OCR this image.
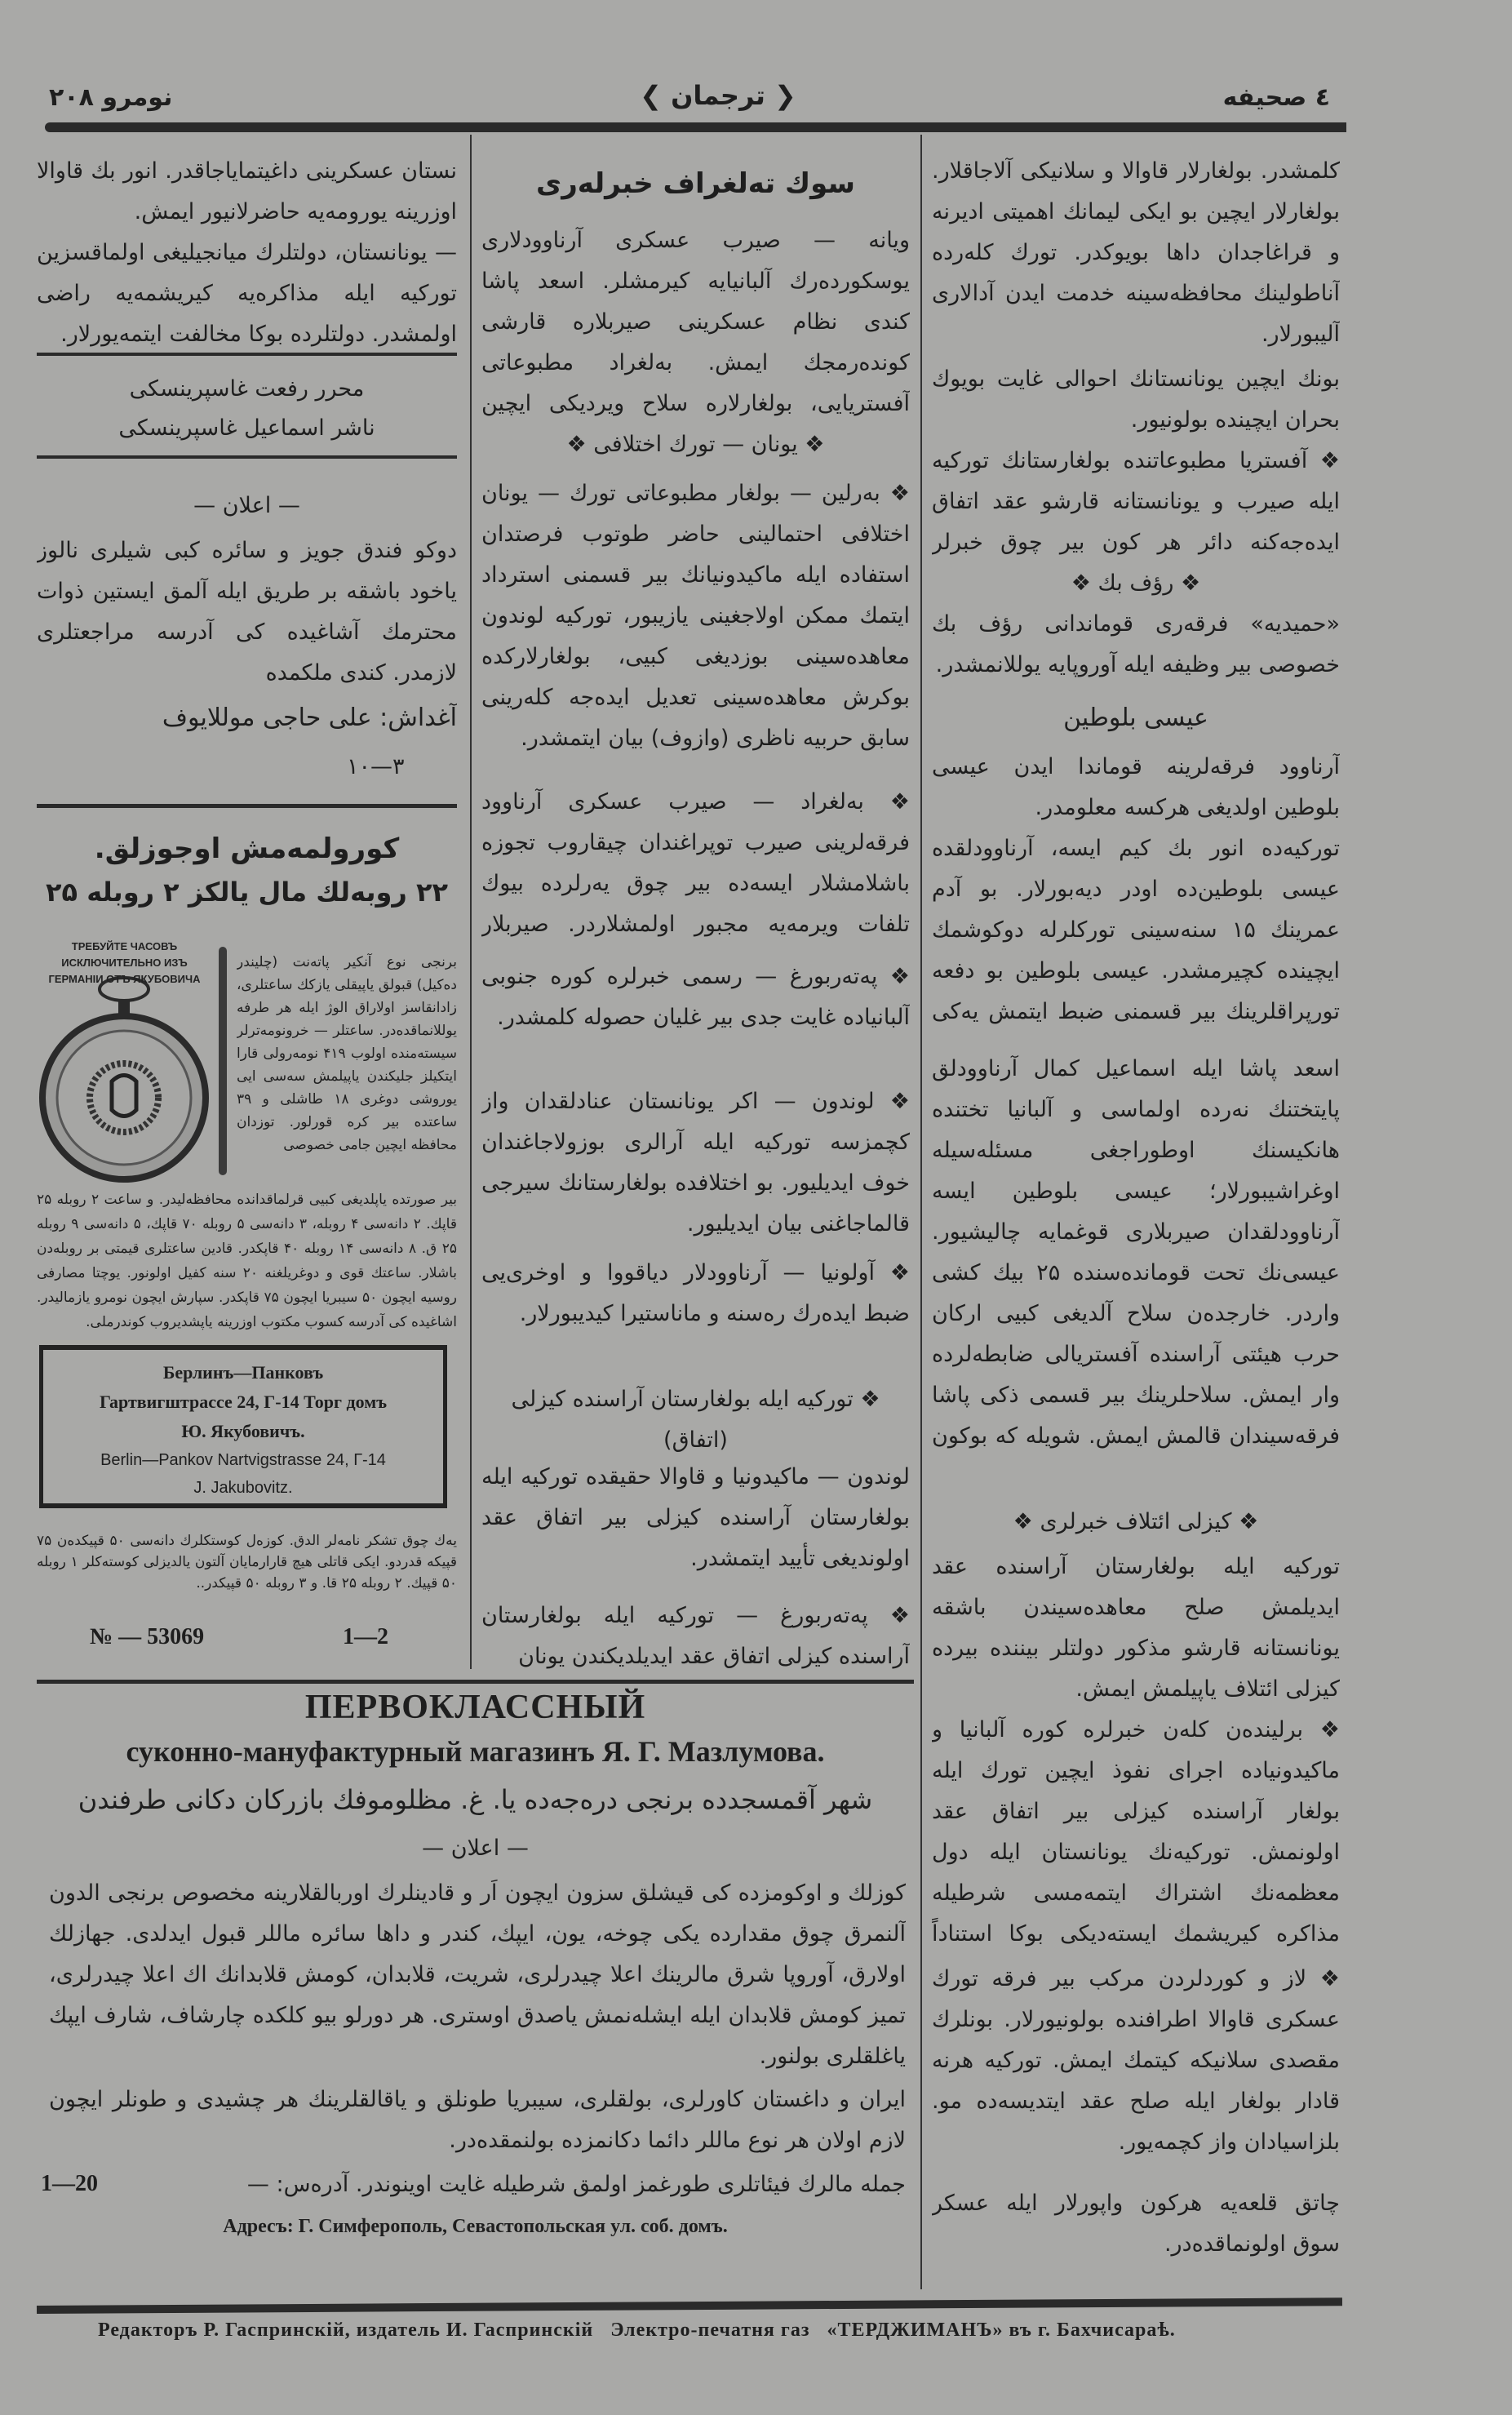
نومرو ۲۰۸	❮ ترجمان ❯	٤ صحیفه
نستان عسکرینی داغیتمایاجاقدر. انور بك قاوالا اوزرینه یورومەیه حاضرلانیور ایمش.
— یونانستان، دولتلرك میانجیلیغی اولماقسزین تورکیه ایله مذاکرەیه کیریشمەیه راضی اولمشدر. دولتلرده بوکا مخالفت ایتمەیورلار.
محرر رفعت غاسپرینسکی
ناشر اسماعیل غاسپرینسکی
— اعلان —
دوکو فندق جویز و سائره کبی شیلری نالوز یاخود باشقه بر طریق ایلە آلمق ایستین ذوات محترمك آشاغیدە کی آدرسه مراجعتلری لازمدر. کندی ملکمده
آغداش: علی حاجی موللایوف
۳—۱۰
کورولمەمش اوجوزلق.
۲۲ روبەلك مال یالکز ۲ روبله ۲۵
ТРЕБУЙТЕ ЧАСОВЪ ИСКЛЮЧИТЕЛЬНО ИЗЪ ГЕРМАНІИ ОТЪ ЯКУБОВИЧА
برنجی نوع آنکیر پاتەنت (چلیندر دەکیل) قبولق یاپیقلی یازکك ساعتلری، زادانقاسز اولاراق الوژ ایله هر طرفه یوللانماقدەدر. ساعتلر — خرونومەترلر سیستەمندە اولوب ۴۱۹ نومەرولی قارا ایتکیلز جلیکندن یاپیلمش سەسی ایی یوروشی دوغری ۱۸ طاشلی و ۳۹ ساعتده بیر کره قورلور. توزدان محافظه ایچین جامی خصوصی
بیر صورتده یاپلدیغی کبیی قرلماقدانده محافظەلیدر. و ساعت ۲ روبله ۲۵ قاپك. ۲ دانەسی ۴ روبله، ۳ دانەسی ۵ روبله ۷۰ قاپك، ۵ دانەسی ۹ روبله ۲۵ ق. ۸ دانەسی ۱۴ روبله ۴۰ قاپکدر. قادین ساعتلری قیمتی بر روبلەدن باشلار. ساعتك قوی و دوغریلغنه ۲۰ سنه کفیل اولونور. یوچتا مصارفی روسیه ایچون ۵۰ سیبریا ایچون ۷۵ قاپکدر. سپارش ایچون نومرو یازمالیدر. اشاغیده کی آدرسه کسوب مکتوب اوزرینه یاپشدیروب کوندرملی.
Берлинъ—Панковъ
Гартвигштрассе 24, Г-14 Торг домъ
Ю. Якубовичъ.
Berlin—Pankov Nartvigstrasse 24, Г-14
J. Jakubovitz.
یەك چوق تشکر نامەلر الدق. کوزەل کوستکلرك دانەسی ۵۰ قپیکدەن ۷۵ قپیکه قدردو. ایکی قاتلی هیچ قارارمایان آلتون یالدیزلی کوستەکلر ۱ روبله ۵۰ قپیك. ۲ روبله ۲۵ قا. و ۳ روبله ۵۰ قپیکدر..
№ — 53069	1—2
سوك تەلغراف خبرلەری
ویانه — صیرب عسکری آرناوودلاری یوسکوردەرك آلبانیایه کیرمشلر. اسعد پاشا کندی نظام عسکرینی صیربلاره قارشی کوندەرمجك ایمش. بەلغراد مطبوعاتی آفستریایی، بولغارلاره سلاح ویردیکی ایچین
❖ یونان — تورك اختلافی ❖
❖ بەرلین — بولغار مطبوعاتی تورك — یونان اختلافی احتمالینی حاضر طوتوب فرصتدان استفاده ایله ماکیدونیانك بیر قسمنی استرداد ایتمك ممکن اولاجغینی یازیبور، تورکیه لوندون معاهدەسینی بوزدیغی کبیی، بولغارلارکده بوکرش معاهدەسینی تعدیل ایدەجه کلەرینی سابق حربیه ناظری (وازوف) بیان ایتمشدر.
❖ بەلغراد — صیرب عسکری آرناوود فرقەلرینی صیرب توپراغندان چیقاروب تجوزه باشلامشلار ایسەده بیر چوق یەرلردە بیوك تلفات ویرمەیه مجبور اولمشلاردر. صیربلار
❖ پەتەربورغ — رسمی خبرلرە کورە جنوبی آلبانیاده غایت جدی بیر غلیان حصوله کلمشدر.
❖ لوندون — اکر یونانستان عنادلقدان واز کچمزسه تورکیه ایله آرالری بوزولاجاغندان خوف ایدیلیور. بو اختلافده بولغارستانك سیرجی قالماجاغنی بیان ایدیلیور.
❖ آولونیا — آرناوودلار دیاقووا و اوخری‌یی ضبط ایدەرك رەسنه و ماناستیرا کیدیبورلار.
❖ تورکیه ایله بولغارستان آراسنده کیزلی (اتفاق)
لوندون — ماکیدونیا و قاوالا حقیقدە تورکیه ایله بولغارستان آراسنده کیزلی بیر اتفاق عقد اولوندیغی تأیید ایتمشدر.
❖ پەتەربورغ — تورکیه ایله بولغارستان آراسنده کیزلی اتفاق عقد ایدیلدیکندن یونان
کلمشدر. بولغارلار قاوالا و سلانیکی آلاجاقلار. بولغارلار ایچین بو ایکی لیمانك اهمیتی ادیرنه و قراغاجدان داها بویوکدر. تورك کلەرده آناطولینك محافظەسینه خدمت ایدن آدالاری آلیبورلار.
بونك ایچین یونانستانك احوالی غایت بویوك بحران ایچینده بولونیور.
❖ آفستریا مطبوعاتنده بولغارستانك تورکیه ایله صیرب و یونانستانه قارشو عقد اتفاق ایدەجه‌کنه دائر هر کون بیر چوق خبرلر
❖ رؤف بك ❖
«حمیدیه» فرقەری قوماندانی رؤف بك خصوصی بیر وظیفه ایله آوروپایه یوللانمشدر.
عیسی بلوطین
آرناوود فرقەلرینه قوماندا ایدن عیسی بلوطین اولدیغی هرکسه معلومدر.
تورکیەده انور بك کیم ایسه، آرناوودلقده عیسی بلوطین‌ده اودر دیەبورلار. بو آدم عمرینك ۱۵ سنەسینی تورکلرله دوکوشمك ایچینده کچیرمشدر. عیسی بلوطین بو دفعه تورپراقلرینك بیر قسمنی ضبط ایتمش یەکی
اسعد پاشا ایله اسماعیل کمال آرناوودلق پایتختنك نەرده اولماسی و آلبانیا تختنده هانکیسنك اوطوراجغی مسئلەسیله اوغراشیبورلار؛ عیسی بلوطین ایسه آرناوودلقدان صیربلاری قوغمایه چالیشیور. عیسی‌نك تحت قوماندەسنده ۲۵ بیك کشی واردر. خارجدەن سلاح آلدیغی کبیی ارکان حرب هیئتی آراسنده آفستریالی ضابطەلرده وار ایمش. سلاحلرینك بیر قسمی ذکی پاشا فرقەسیندان قالمش ایمش. شویله که بوکون
❖ کیزلی ائتلاف خبرلری ❖
تورکیه ایله بولغارستان آراسنده عقد ایدیلمش صلح معاهدەسیندن باشقه یونانستانه قارشو مذکور دولتلر بیننده بیرده کیزلی ائتلاف یاپیلمش ایمش.
❖ برلیندەن کلەن خبرلرە کورە آلبانیا و ماکیدونیاده اجرای نفوذ ایچین تورك ایله بولغار آراسنده کیزلی بیر اتفاق عقد اولونمش. تورکیەنك یونانستان ایله دول معظمەنك اشتراك ایتمەمسی شرطیله مذاکرە کیریشمك ایسته‌دیکی بوکا استناداً
❖ لاز و کوردلردن مرکب بیر فرقه تورك عسکری قاوالا اطرافنده بولونیورلار. بونلرك مقصدی سلانیکه کیتمك ایمش. تورکیه هرنه قادار بولغار ایله صلح عقد ایتدیسەده مو. بلزاسیادان واز کچمەیور.
چاتق قلعەیه هرکون واپورلار ایله عسکر سوق اولونماقدەدر.
ПЕРВОКЛАССНЫЙ
суконно-мануфактурный магазинъ Я. Г. Мазлумова.
شهر آقمسجدده برنجی درەجەده یا. غ. مظلوموفك بازرکان دکانی طرفندن
— اعلان —
کوزلك و اوکومزده کی قیشلق سزون ایچون اَر و قادینلرك اوربالقلارینه مخصوص برنجی الدون آلنمرق چوق مقدارده یکی چوخه، یون، ایپك، کندر و داها سائره ماللر قبول ایدلدی. جهازلك اولارق، آوروپا شرق مالرینك اعلا چیدرلری، شریت، قلابدان، کومش قلابدانك اك اعلا چیدرلری، تمیز کومش قلابدان ایله ایشلەنمش یاصدق اوستری. هر دورلو بیو کلکده چارشاف، شارف ایپك یاغلقلری بولنور.
ایران و داغستان کاورلری، بولقلری، سیبریا طونلق و یاقالقلرینك هر چشیدی و طونلر ایچون لازم اولان هر نوع ماللر دائما دکانمزده بولنمقدەدر.
جمله مالرك فیئاتلری طورغمز اولمق شرطیله غایت اوینوندر. آدرەس: —
1—20
Адресъ: Г. Симферополь, Севастопольская ул. соб. домъ.
Редакторъ Р. Гаспринскій, издатель И. Гаспринскій   Электро-печатня газ   «ТЕРДЖИМАНЪ» въ г. Бахчисараѣ.
